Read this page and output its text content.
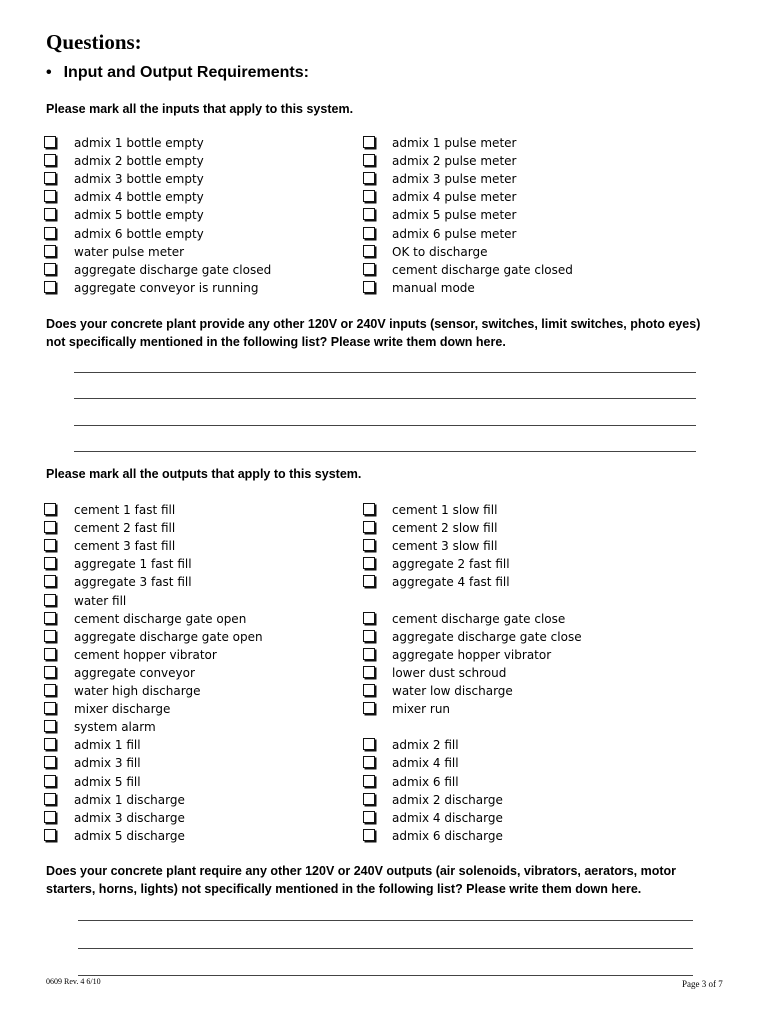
Questions:
• Input and Output Requirements:
Please mark all the inputs that apply to this system.
admix 1 bottle empty
admix 2 bottle empty
admix 3 bottle empty
admix 4 bottle empty
admix 5 bottle empty
admix 6 bottle empty
water pulse meter
aggregate discharge gate closed
aggregate conveyor is running
admix 1 pulse meter
admix 2 pulse meter
admix 3 pulse meter
admix 4 pulse meter
admix 5 pulse meter
admix 6 pulse meter
OK to discharge
cement discharge gate closed
manual mode
Does your concrete plant provide any other 120V or 240V inputs (sensor, switches, limit switches, photo eyes)
not specifically mentioned in the following list? Please write them down here.
Please mark all the outputs that apply to this system.
cement 1 fast fill
cement 2 fast fill
cement 3 fast fill
aggregate 1 fast fill
aggregate 3 fast fill
water fill
cement discharge gate open
aggregate discharge gate open
cement hopper vibrator
aggregate conveyor
water high discharge
mixer discharge
system alarm
admix 1 fill
admix 3 fill
admix 5 fill
admix 1 discharge
admix 3 discharge
admix 5 discharge
cement 1 slow fill
cement 2 slow fill
cement 3 slow fill
aggregate 2 fast fill
aggregate 4 fast fill
cement discharge gate close
aggregate discharge gate close
aggregate hopper vibrator
lower dust schroud
water low discharge
mixer run
admix 2 fill
admix 4 fill
admix 6 fill
admix 2 discharge
admix 4 discharge
admix 6 discharge
Does your concrete plant require any other 120V or 240V outputs (air solenoids, vibrators, aerators, motor
starters, horns, lights) not specifically mentioned in the following list? Please write them down here.
0609 Rev. 4 6/10	Page 3 of 7
